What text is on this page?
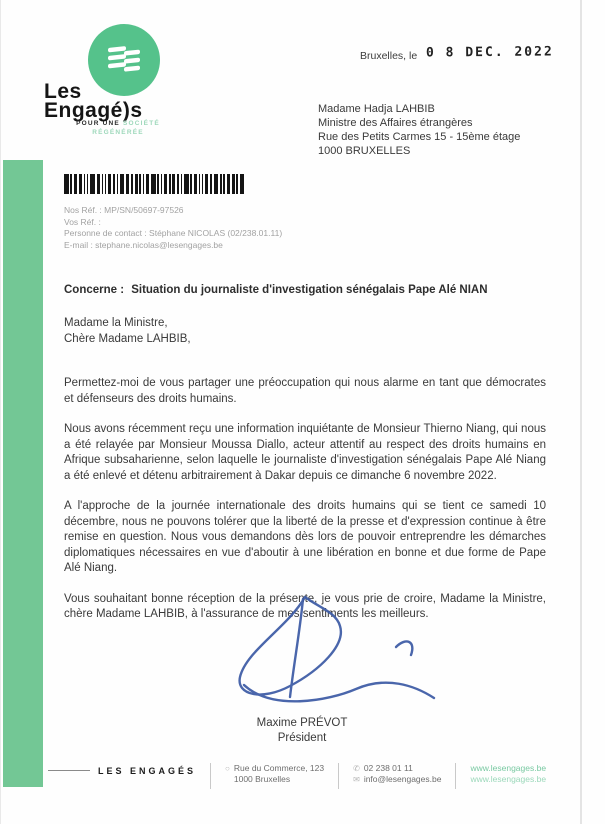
Les
Engagé)s
POUR UNE SOCIÉTÉ
RÉGÉNÉRÉE
Bruxelles, le 0 8 DEC. 2022
Madame Hadja LAHBIB
Ministre des Affaires étrangères
Rue des Petits Carmes 15 - 15ème étage
1000 BRUXELLES
Nos Réf. : MP/SN/50697-97526
Vos Réf. :
Personne de contact : Stéphane NICOLAS (02/238.01.11)
E-mail : stephane.nicolas@lesengages.be
Concerne : Situation du journaliste d'investigation sénégalais Pape Alé NIAN

Madame la Ministre,

Chère Madame LAHBIB,

Permettez-moi de vous partager une préoccupation qui nous alarme en tant que démocrates et défenseurs des droits humains.

Nous avons récemment reçu une information inquiétante de Monsieur Thierno Niang, qui nous a été relayée par Monsieur Moussa Diallo, acteur attentif au respect des droits humains en Afrique subsaharienne, selon laquelle le journaliste d'investigation sénégalais Pape Alé Niang a été enlevé et détenu arbitrairement à Dakar depuis ce dimanche 6 novembre 2022.

A l'approche de la journée internationale des droits humains qui se tient ce samedi 10 décembre, nous ne pouvons tolérer que la liberté de la presse et d'expression continue à être remise en question. Nous vous demandons dès lors de pouvoir entreprendre les démarches diplomatiques nécessaires en vue d'aboutir à une libération en bonne et due forme de Pape Alé Niang.

Vous souhaitant bonne réception de la présente, je vous prie de croire, Madame la Ministre, chère Madame LAHBIB, à l'assurance de mes sentiments les meilleurs.

Maxime PRÉVOT
Président
LES ENGAGÉS	○ Rue du Commerce, 123
1000 Bruxelles
✆ 02 238 01 11
✉ info@lesengages.be
www.lesengages.be
www.lesengages.be
